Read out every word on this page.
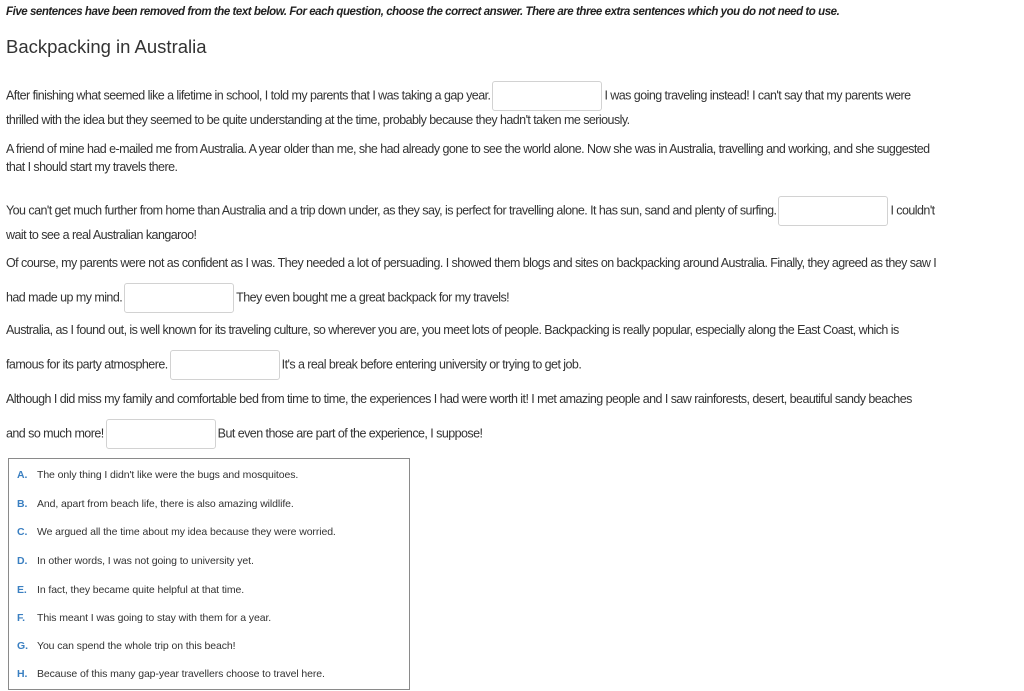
Five sentences have been removed from the text below. For each question, choose the correct answer. There are three extra sentences which you do not need to use.
Backpacking in Australia
After finishing what seemed like a lifetime in school, I told my parents that I was taking a gap year.	I was going traveling instead! I can't say that my parents were
thrilled with the idea but they seemed to be quite understanding at the time, probably because they hadn't taken me seriously.
A friend of mine had e-mailed me from Australia. A year older than me, she had already gone to see the world alone. Now she was in Australia, travelling and working, and she suggested
that I should start my travels there.
You can't get much further from home than Australia and a trip down under, as they say, is perfect for travelling alone. It has sun, sand and plenty of surfing.	I couldn't
wait to see a real Australian kangaroo!
Of course, my parents were not as confident as I was. They needed a lot of persuading. I showed them blogs and sites on backpacking around Australia. Finally, they agreed as they saw I
had made up my mind.	They even bought me a great backpack for my travels!
Australia, as I found out, is well known for its traveling culture, so wherever you are, you meet lots of people. Backpacking is really popular, especially along the East Coast, which is
famous for its party atmosphere.	It's a real break before entering university or trying to get job.
Although I did miss my family and comfortable bed from time to time, the experiences I had were worth it! I met amazing people and I saw rainforests, desert, beautiful sandy beaches
and so much more!	But even those are part of the experience, I suppose!
A. The only thing I didn't like were the bugs and mosquitoes.
B. And, apart from beach life, there is also amazing wildlife.
C. We argued all the time about my idea because they were worried.
D. In other words, I was not going to university yet.
E. In fact, they became quite helpful at that time.
F. This meant I was going to stay with them for a year.
G. You can spend the whole trip on this beach!
H. Because of this many gap-year travellers choose to travel here.
